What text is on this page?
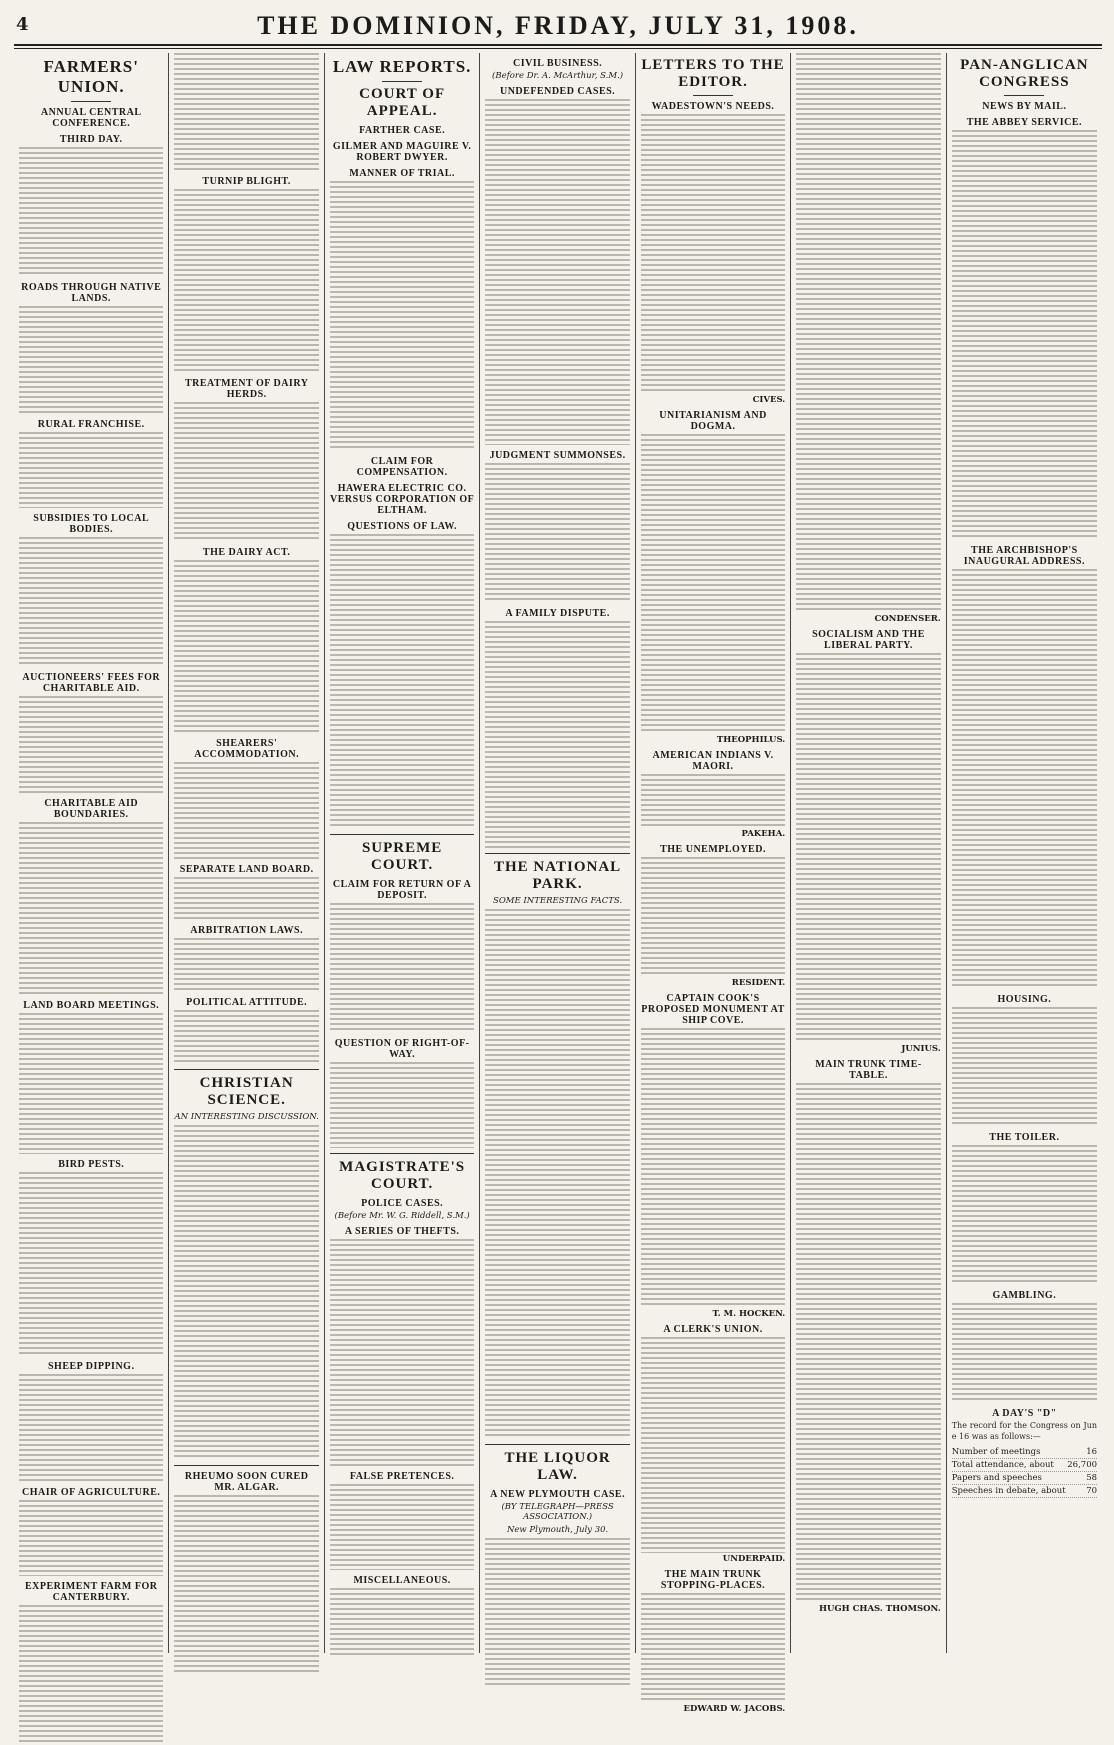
4	THE DOMINION, FRIDAY, JULY 31, 1908.
FARMERS' UNION.
ANNUAL CENTRAL CONFERENCE.
THIRD DAY.
ROADS THROUGH NATIVE LANDS.
RURAL FRANCHISE.
SUBSIDIES TO LOCAL BODIES.
AUCTIONEERS' FEES FOR CHARITABLE AID.
CHARITABLE AID BOUNDARIES.
LAND BOARD MEETINGS.
BIRD PESTS.
SHEEP DIPPING.
CHAIR OF AGRICULTURE.
EXPERIMENT FARM FOR CANTERBURY.
TURNIP BLIGHT.
TREATMENT OF DAIRY HERDS.
THE DAIRY ACT.
SHEARERS' ACCOMMODATION.
SEPARATE LAND BOARD.
ARBITRATION LAWS.
POLITICAL ATTITUDE.
CHRISTIAN SCIENCE.
AN INTERESTING DISCUSSION.
RHEUMO SOON CURED MR. ALGAR.
LAW REPORTS.
COURT OF APPEAL.
FARTHER CASE.
GILMER AND MAGUIRE V. ROBERT DWYER.
MANNER OF TRIAL.
CLAIM FOR COMPENSATION.
HAWERA ELECTRIC CO. VERSUS CORPORATION OF ELTHAM.
QUESTIONS OF LAW.
SUPREME COURT.
CLAIM FOR RETURN OF A DEPOSIT.
QUESTION OF RIGHT-OF-WAY.
MAGISTRATE'S COURT.
POLICE CASES.
(Before Mr. W. G. Riddell, S.M.)
A SERIES OF THEFTS.
FALSE PRETENCES.
MISCELLANEOUS.
CIVIL BUSINESS.
(Before Dr. A. McArthur, S.M.)
UNDEFENDED CASES.
JUDGMENT SUMMONSES.
A FAMILY DISPUTE.
THE NATIONAL PARK.
SOME INTERESTING FACTS.
THE LIQUOR LAW.
A NEW PLYMOUTH CASE.
(BY TELEGRAPH—PRESS ASSOCIATION.)
New Plymouth, July 30.
LETTERS TO THE EDITOR.
WADESTOWN'S NEEDS.
CIVES.
UNITARIANISM AND DOGMA.
THEOPHILUS.
AMERICAN INDIANS V. MAORI.
PAKEHA.
THE UNEMPLOYED.
RESIDENT.
CAPTAIN COOK'S PROPOSED MONUMENT AT SHIP COVE.
T. M. HOCKEN.
A CLERK'S UNION.
UNDERPAID.
THE MAIN TRUNK STOPPING-PLACES.
EDWARD W. JACOBS.
CONDENSER.
SOCIALISM AND THE LIBERAL PARTY.
JUNIUS.
MAIN TRUNK TIME-TABLE.
HUGH CHAS. THOMSON.
PAN-ANGLICAN CONGRESS
NEWS BY MAIL.
THE ABBEY SERVICE.
THE ARCHBISHOP'S INAUGURAL ADDRESS.
HOUSING.
THE TOILER.
GAMBLING.
A DAY'S "D"
The record for the Congress on June 16 was as follows:—
Number of meetings	16
Total attendance, about 26,700
Papers and speeches	58
Speeches in debate, about 70
